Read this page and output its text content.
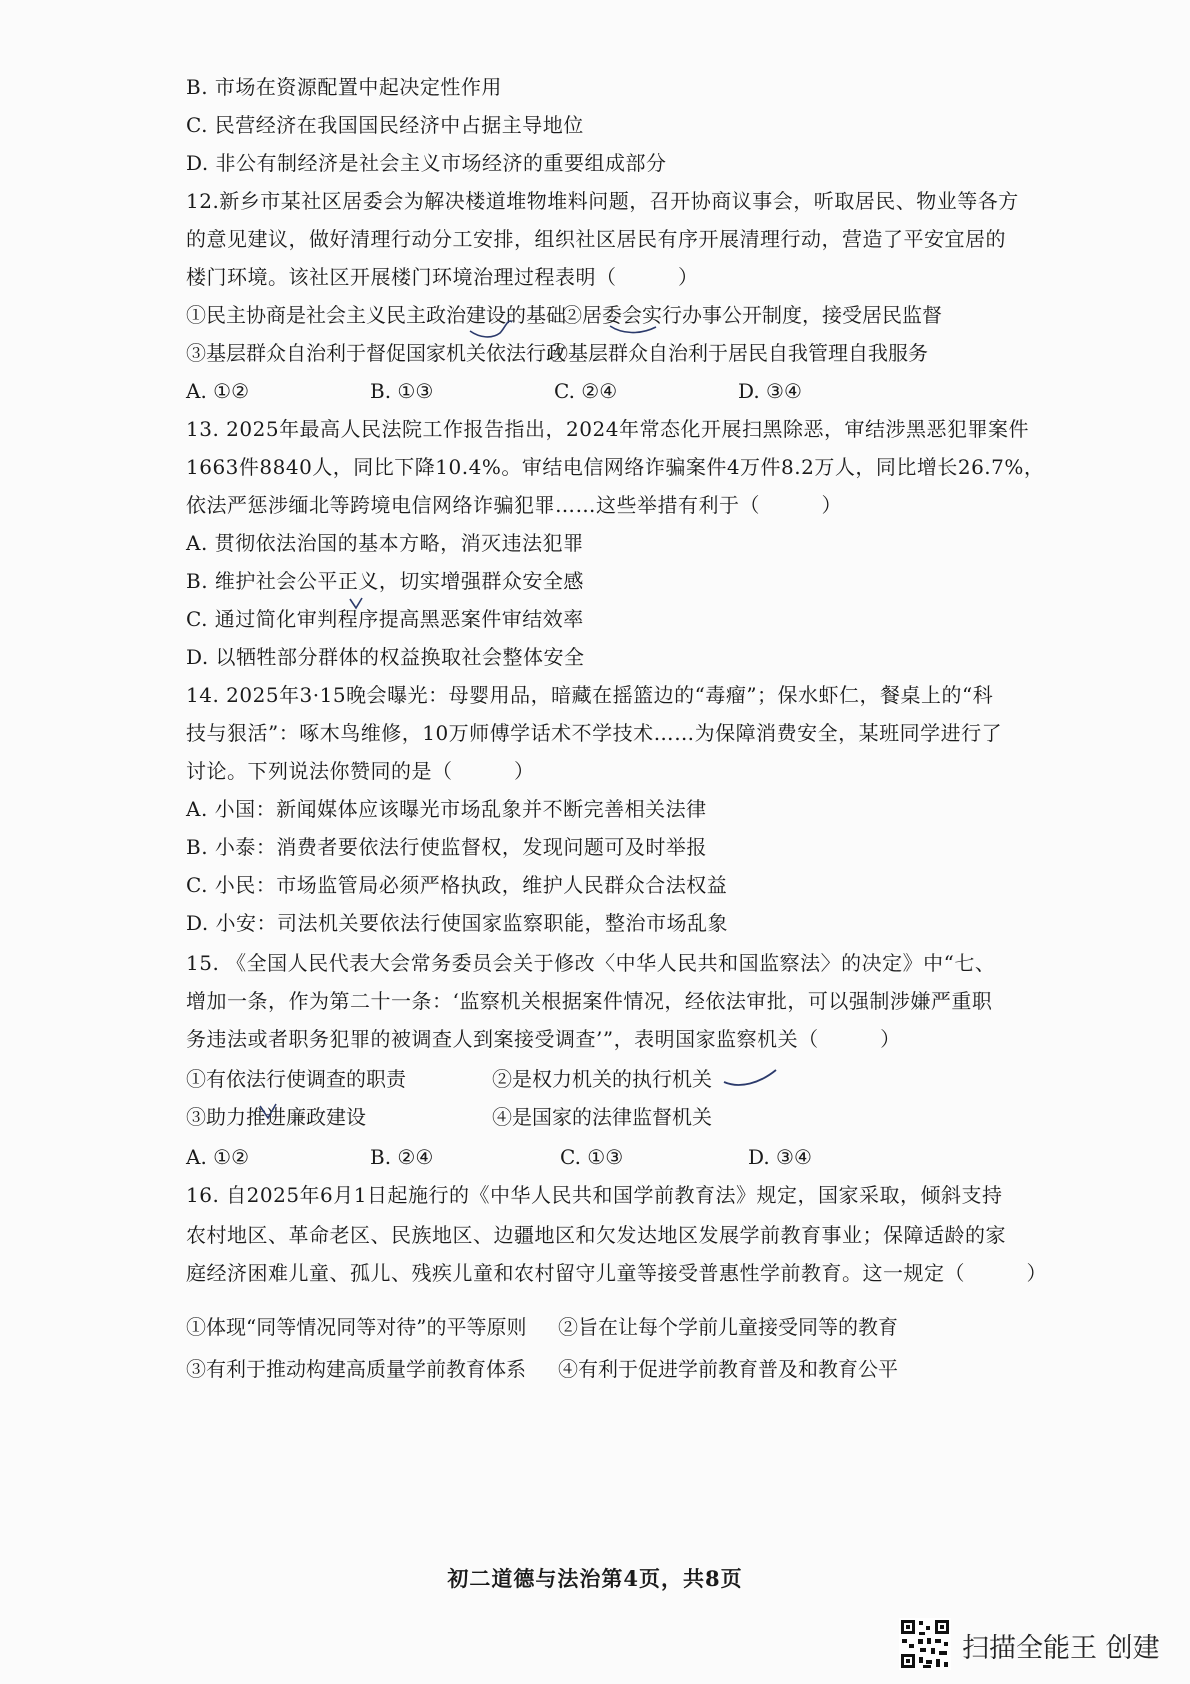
B. 市场在资源配置中起决定性作用
C. 民营经济在我国国民经济中占据主导地位
D. 非公有制经济是社会主义市场经济的重要组成部分
12.新乡市某社区居委会为解决楼道堆物堆料问题，召开协商议事会，听取居民、物业等各方
的意见建议，做好清理行动分工安排，组织社区居民有序开展清理行动，营造了平安宜居的
楼门环境。该社区开展楼门环境治理过程表明（　　　）
①民主协商是社会主义民主政治建设的基础
②居委会实行办事公开制度，接受居民监督
③基层群众自治利于督促国家机关依法行政
④基层群众自治利于居民自我管理自我服务
A. ①②	B. ①③	C. ②④	D. ③④
13. 2025年最高人民法院工作报告指出，2024年常态化开展扫黑除恶，审结涉黑恶犯罪案件
1663件8840人，同比下降10.4%。审结电信网络诈骗案件4万件8.2万人，同比增长26.7%，
依法严惩涉缅北等跨境电信网络诈骗犯罪……这些举措有利于（　　　）
A. 贯彻依法治国的基本方略，消灭违法犯罪
B. 维护社会公平正义，切实增强群众安全感
C. 通过简化审判程序提高黑恶案件审结效率
D. 以牺牲部分群体的权益换取社会整体安全
14. 2025年3·15晚会曝光：母婴用品，暗藏在摇篮边的“毒瘤”；保水虾仁，餐桌上的“科
技与狠活”：啄木鸟维修，10万师傅学话术不学技术……为保障消费安全，某班同学进行了
讨论。下列说法你赞同的是（　　　）
A. 小国：新闻媒体应该曝光市场乱象并不断完善相关法律
B. 小泰：消费者要依法行使监督权，发现问题可及时举报
C. 小民：市场监管局必须严格执政，维护人民群众合法权益
D. 小安：司法机关要依法行使国家监察职能，整治市场乱象
15. 《全国人民代表大会常务委员会关于修改〈中华人民共和国监察法〉的决定》中“七、
增加一条，作为第二十一条：‘监察机关根据案件情况，经依法审批，可以强制涉嫌严重职
务违法或者职务犯罪的被调查人到案接受调查’”，表明国家监察机关（　　　）
①有依法行使调查的职责	②是权力机关的执行机关
③助力推进廉政建设	④是国家的法律监督机关
A. ①②	B. ②④	C. ①③	D. ③④
16. 自2025年6月1日起施行的《中华人民共和国学前教育法》规定，国家采取，倾斜支持
农村地区、革命老区、民族地区、边疆地区和欠发达地区发展学前教育事业；保障适龄的家
庭经济困难儿童、孤儿、残疾儿童和农村留守儿童等接受普惠性学前教育。这一规定（　　　）
①体现“同等情况同等对待”的平等原则 ②旨在让每个学前儿童接受同等的教育
③有利于推动构建高质量学前教育体系 ④有利于促进学前教育普及和教育公平
初二道德与法治第4页，共8页
扫描全能王 创建
